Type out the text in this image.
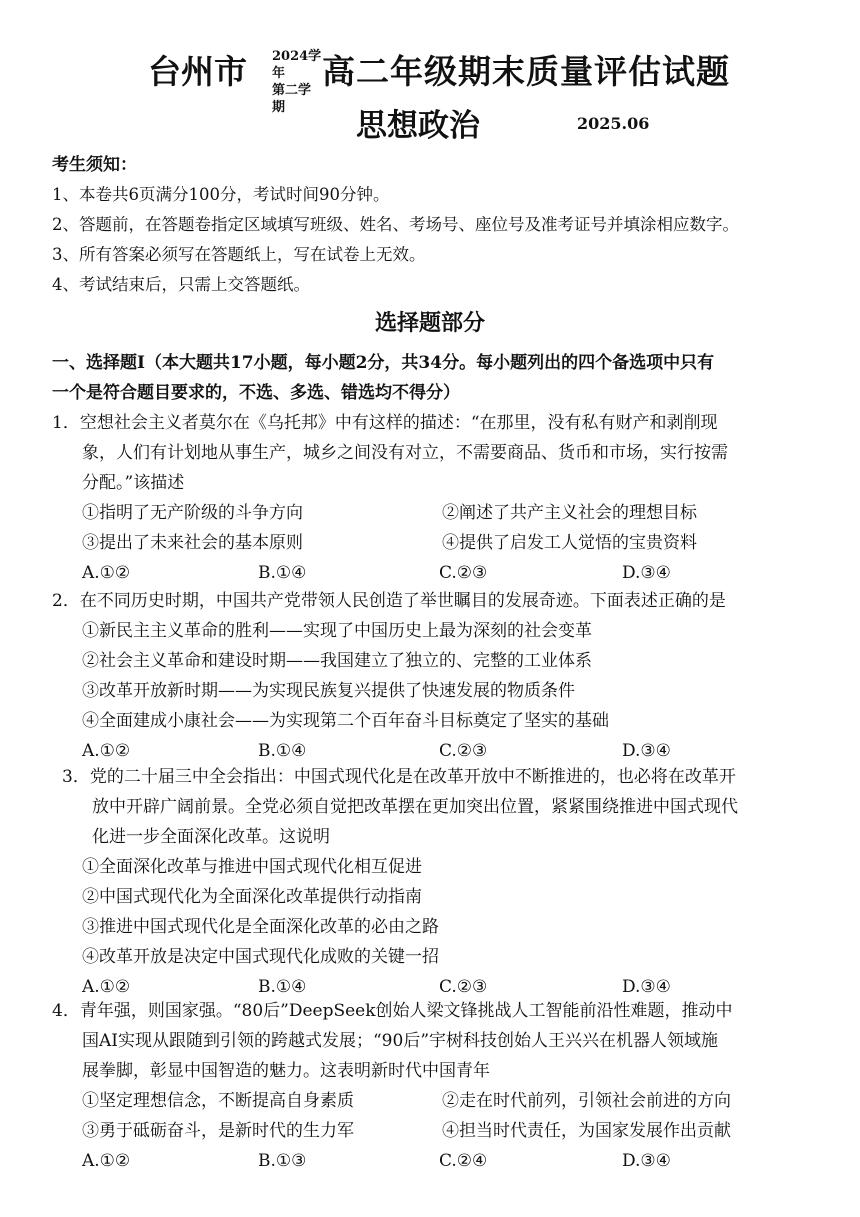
台州市 2024学年
第二学期
高二年级期末质量评估试题
思想政治	2025.06
考生须知：
1、本卷共6页满分100分，考试时间90分钟。
2、答题前，在答题卷指定区域填写班级、姓名、考场号、座位号及准考证号并填涂相应数字。
3、所有答案必须写在答题纸上，写在试卷上无效。
4、考试结束后，只需上交答题纸。
选择题部分
一、选择题Ⅰ（本大题共17小题，每小题2分，共34分。每小题列出的四个备选项中只有
一个是符合题目要求的，不选、多选、错选均不得分）
1．空想社会主义者莫尔在《乌托邦》中有这样的描述：“在那里，没有私有财产和剥削现
象，人们有计划地从事生产，城乡之间没有对立，不需要商品、货币和市场，实行按需
分配。”该描述
①指明了无产阶级的斗争方向	②阐述了共产主义社会的理想目标
③提出了未来社会的基本原则	④提供了启发工人觉悟的宝贵资料
A.①②	B.①④	C.②③	D.③④
2．在不同历史时期，中国共产党带领人民创造了举世瞩目的发展奇迹。下面表述正确的是
①新民主主义革命的胜利——实现了中国历史上最为深刻的社会变革
②社会主义革命和建设时期——我国建立了独立的、完整的工业体系
③改革开放新时期——为实现民族复兴提供了快速发展的物质条件
④全面建成小康社会——为实现第二个百年奋斗目标奠定了坚实的基础
A.①②	B.①④	C.②③	D.③④
3．党的二十届三中全会指出：中国式现代化是在改革开放中不断推进的，也必将在改革开
放中开辟广阔前景。全党必须自觉把改革摆在更加突出位置，紧紧围绕推进中国式现代
化进一步全面深化改革。这说明
①全面深化改革与推进中国式现代化相互促进
②中国式现代化为全面深化改革提供行动指南
③推进中国式现代化是全面深化改革的必由之路
④改革开放是决定中国式现代化成败的关键一招
A.①②	B.①④	C.②③	D.③④
4．青年强，则国家强。“80后”DeepSeek创始人梁文锋挑战人工智能前沿性难题，推动中
国AI实现从跟随到引领的跨越式发展；“90后”宇树科技创始人王兴兴在机器人领域施
展拳脚，彰显中国智造的魅力。这表明新时代中国青年
①坚定理想信念，不断提高自身素质	②走在时代前列，引领社会前进的方向
③勇于砥砺奋斗，是新时代的生力军	④担当时代责任，为国家发展作出贡献
A.①②	B.①③	C.②④	D.③④
